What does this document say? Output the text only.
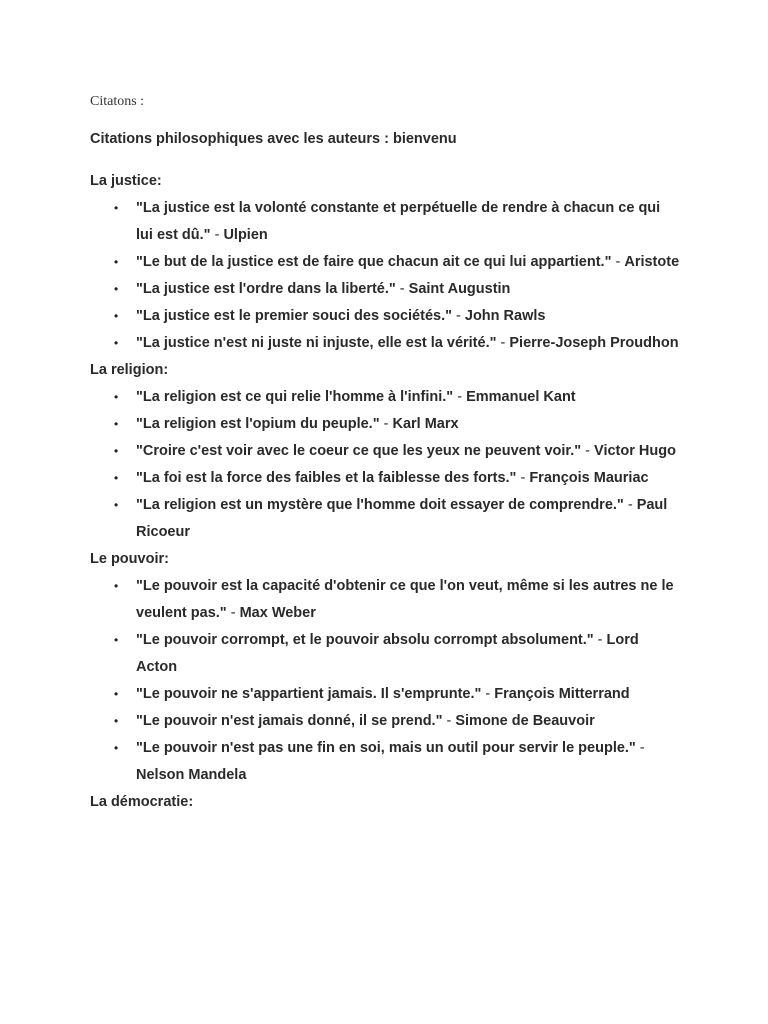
Citatons :
Citations philosophiques avec les auteurs : bienvenu
La justice:
• "La justice est la volonté constante et perpétuelle de rendre à chacun ce qui lui est dû." - Ulpien
• "Le but de la justice est de faire que chacun ait ce qui lui appartient." - Aristote
• "La justice est l'ordre dans la liberté." - Saint Augustin
• "La justice est le premier souci des sociétés." - John Rawls
• "La justice n'est ni juste ni injuste, elle est la vérité." - Pierre-Joseph Proudhon
La religion:
• "La religion est ce qui relie l'homme à l'infini." - Emmanuel Kant
• "La religion est l'opium du peuple." - Karl Marx
• "Croire c'est voir avec le coeur ce que les yeux ne peuvent voir." - Victor Hugo
• "La foi est la force des faibles et la faiblesse des forts." - François Mauriac
• "La religion est un mystère que l'homme doit essayer de comprendre." - Paul Ricoeur
Le pouvoir:
• "Le pouvoir est la capacité d'obtenir ce que l'on veut, même si les autres ne le veulent pas." - Max Weber
• "Le pouvoir corrompt, et le pouvoir absolu corrompt absolument." - Lord Acton
• "Le pouvoir ne s'appartient jamais. Il s'emprunte." - François Mitterrand
• "Le pouvoir n'est jamais donné, il se prend." - Simone de Beauvoir
• "Le pouvoir n'est pas une fin en soi, mais un outil pour servir le peuple." - Nelson Mandela
La démocratie:
